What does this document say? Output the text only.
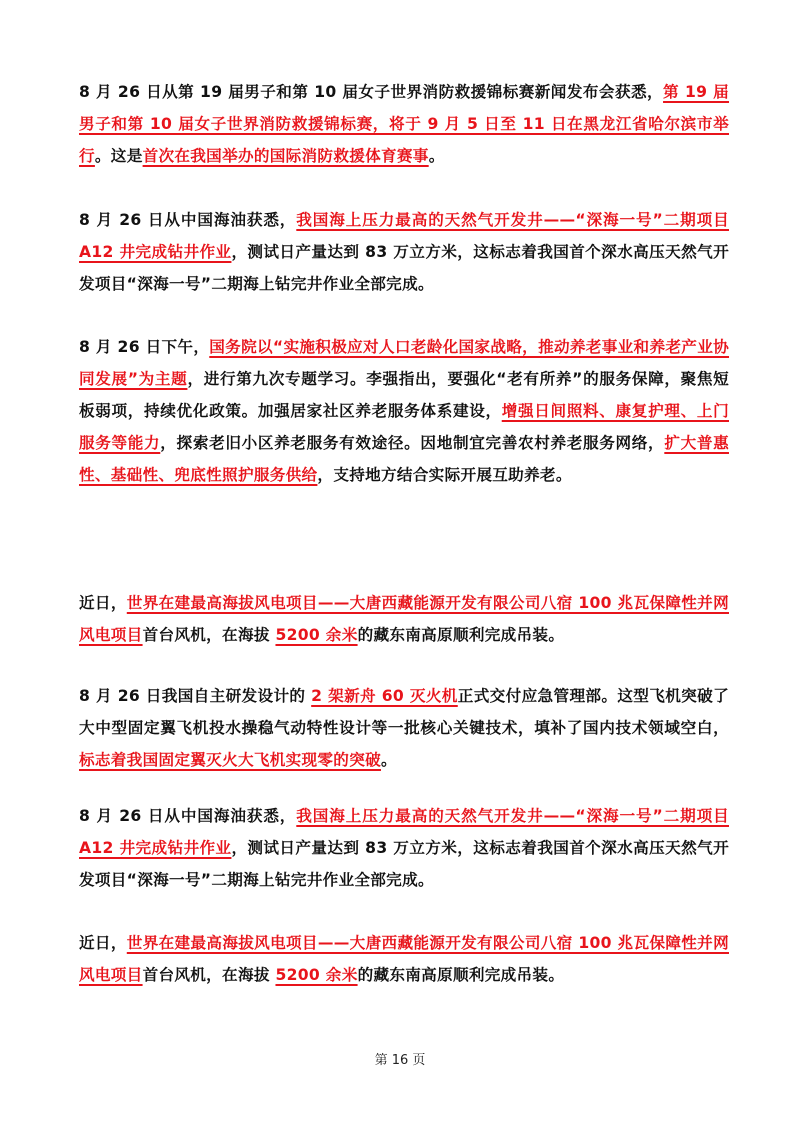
8 月 26 日从第 19 届男子和第 10 届女子世界消防救援锦标赛新闻发布会获悉，第 19 届男子和第 10 届女子世界消防救援锦标赛，将于 9 月 5 日至 11 日在黑龙江省哈尔滨市举行。这是首次在我国举办的国际消防救援体育赛事。

8 月 26 日从中国海油获悉，我国海上压力最高的天然气开发井——“深海一号”二期项目 A12 井完成钻井作业，测试日产量达到 83 万立方米，这标志着我国首个深水高压天然气开发项目“深海一号”二期海上钻完井作业全部完成。

8 月 26 日下午，国务院以“实施积极应对人口老龄化国家战略，推动养老事业和养老产业协同发展”为主题，进行第九次专题学习。李强指出，要强化“老有所养”的服务保障，聚焦短板弱项，持续优化政策。加强居家社区养老服务体系建设，增强日间照料、康复护理、上门服务等能力，探索老旧小区养老服务有效途径。因地制宜完善农村养老服务网络，扩大普惠性、基础性、兜底性照护服务供给，支持地方结合实际开展互助养老。

近日，世界在建最高海拔风电项目——大唐西藏能源开发有限公司八宿 100 兆瓦保障性并网风电项目首台风机，在海拔 5200 余米的藏东南高原顺利完成吊装。

8 月 26 日我国自主研发设计的 2 架新舟 60 灭火机正式交付应急管理部。这型飞机突破了大中型固定翼飞机投水操稳气动特性设计等一批核心关键技术，填补了国内技术领域空白，标志着我国固定翼灭火大飞机实现零的突破。

8 月 26 日从中国海油获悉，我国海上压力最高的天然气开发井——“深海一号”二期项目 A12 井完成钻井作业，测试日产量达到 83 万立方米，这标志着我国首个深水高压天然气开发项目“深海一号”二期海上钻完井作业全部完成。

近日，世界在建最高海拔风电项目——大唐西藏能源开发有限公司八宿 100 兆瓦保障性并网风电项目首台风机，在海拔 5200 余米的藏东南高原顺利完成吊装。

第 16 页
